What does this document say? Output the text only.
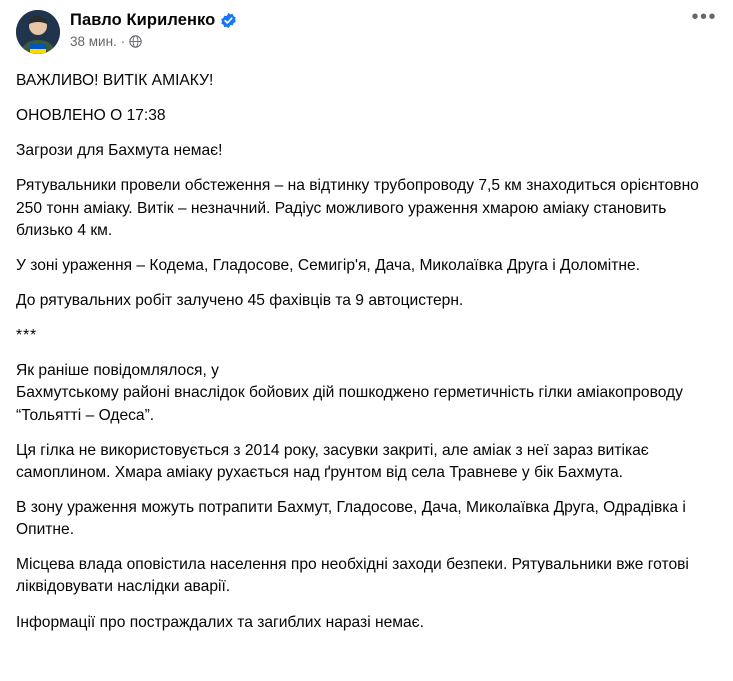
Павло Кириленко
38 мин. ·
•••

ВАЖЛИВО! ВИТІК АМІАКУ!

ОНОВЛЕНО О 17:38

Загрози для Бахмута немає!

Рятувальники провели обстеження – на відтинку трубопроводу 7,5 км знаходиться орієнтовно 250 тонн аміаку. Витік – незначний. Радіус можливого ураження хмарою аміаку становить близько 4 км.

У зоні ураження – Кодема, Гладосове, Семигір'я, Дача, Миколаївка Друга і Доломітне.

До рятувальних робіт залучено 45 фахівців та 9 автоцистерн.

***

Як раніше повідомлялося, у

Бахмутському районі внаслідок бойових дій пошкоджено герметичність гілки аміакопроводу “Тольятті – Одеса”.

Ця гілка не використовується з 2014 року, засувки закриті, але аміак з неї зараз витікає самоплином. Хмара аміаку рухається над ґрунтом від села Травневе у бік Бахмута.

В зону ураження можуть потрапити Бахмут, Гладосове, Дача, Миколаївка Друга, Одрадівка і Опитне.

Місцева влада оповістила населення про необхідні заходи безпеки. Рятувальники вже готові ліквідовувати наслідки аварії.

Інформації про постраждалих та загиблих наразі немає.
